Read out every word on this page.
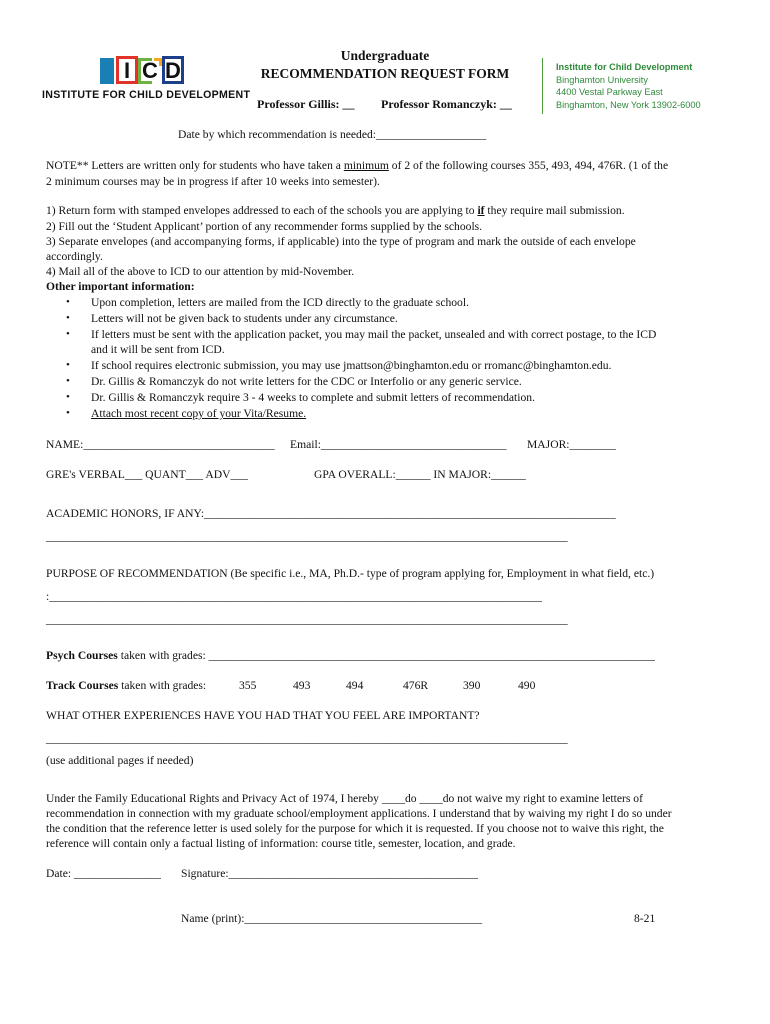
I C D
INSTITUTE FOR CHILD DEVELOPMENT
Undergraduate
RECOMMENDATION REQUEST FORM
Professor Gillis: __ Professor Romanczyk: __
Institute for Child Development
Binghamton University
4400 Vestal Parkway East
Binghamton, New York 13902-6000
Date by which recommendation is needed:___________________
NOTE** Letters are written only for students who have taken a minimum of 2 of the following courses 355, 493, 494, 476R. (1 of the
2 minimum courses may be in progress if after 10 weeks into semester).
1) Return form with stamped envelopes addressed to each of the schools you are applying to if they require mail submission.
2) Fill out the ‘Student Applicant’ portion of any recommender forms supplied by the schools.
3) Separate envelopes (and accompanying forms, if applicable) into the type of program and mark the outside of each envelope
accordingly.
4) Mail all of the above to ICD to our attention by mid-November.
Other important information:
• Upon completion, letters are mailed from the ICD directly to the graduate school.
• Letters will not be given back to students under any circumstance.
• If letters must be sent with the application packet, you may mail the packet, unsealed and with correct postage, to the ICD
and it will be sent from ICD.
• If school requires electronic submission, you may use jmattson@binghamton.edu or rromanc@binghamton.edu.
• Dr. Gillis & Romanczyk do not write letters for the CDC or Interfolio or any generic service.
• Dr. Gillis & Romanczyk require 3 - 4 weeks to complete and submit letters of recommendation.
• Attach most recent copy of your Vita/Resume.
NAME:_________________________________ Email:________________________________ MAJOR:________
GRE's VERBAL___ QUANT___ ADV___	GPA OVERALL:______ IN MAJOR:______
ACADEMIC HONORS, IF ANY:_______________________________________________________________________
__________________________________________________________________________________________
PURPOSE OF RECOMMENDATION (Be specific i.e., MA, Ph.D.- type of program applying for, Employment in what field, etc.)
:_____________________________________________________________________________________
__________________________________________________________________________________________
Psych Courses taken with grades: _____________________________________________________________________________
Track Courses taken with grades:	355	493	494	476R	390	490
WHAT OTHER EXPERIENCES HAVE YOU HAD THAT YOU FEEL ARE IMPORTANT?
__________________________________________________________________________________________
(use additional pages if needed)
Under the Family Educational Rights and Privacy Act of 1974, I hereby ____do ____do not waive my right to examine letters of
recommendation in connection with my graduate school/employment applications. I understand that by waiving my right I do so under
the condition that the reference letter is used solely for the purpose for which it is requested. If you choose not to waive this right, the
reference will contain only a factual listing of information: course title, semester, location, and grade.
Date: _______________ Signature:___________________________________________
Name (print):_________________________________________	8-21
